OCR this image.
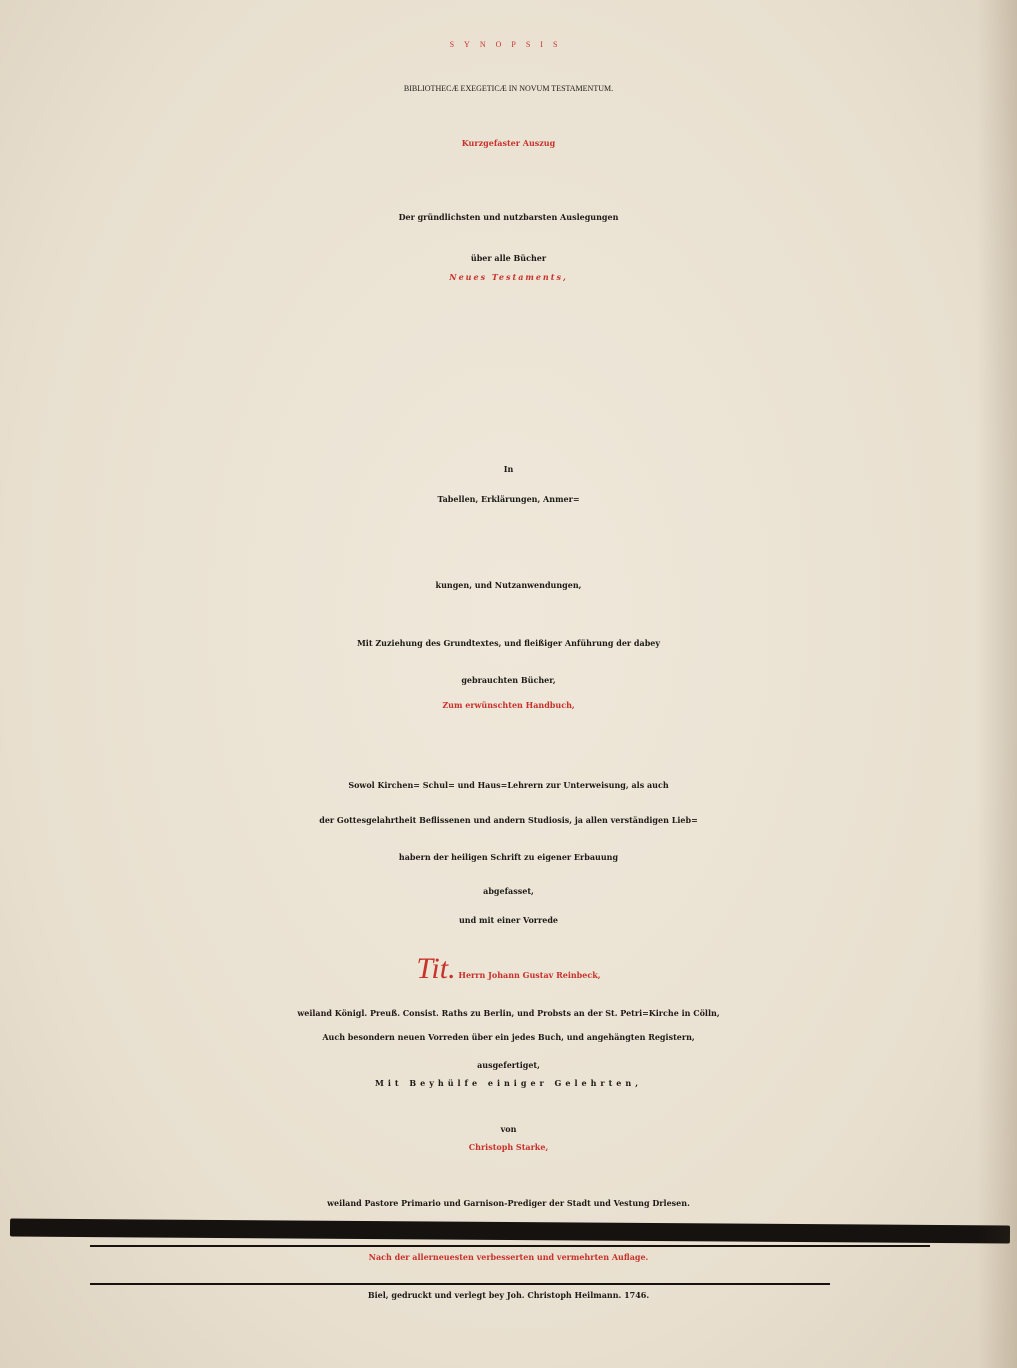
SYNOPSIS
BIBLIOTHECÆ EXEGETICÆ IN NOVUM TESTAMENTUM.
Kurzgefaster Auszug
Der gründlichsten und nutzbarsten Auslegungen
über alle Bücher
Neues Testaments,
In
Tabellen, Erklärungen, Anmer=
kungen, und Nutzanwendungen,
Mit Zuziehung des Grundtextes, und fleißiger Anführung der dabey
gebrauchten Bücher,
Zum erwünschten Handbuch,
Sowol Kirchen= Schul= und Haus=Lehrern zur Unterweisung, als auch
der Gottesgelahrtheit Beflissenen und andern Studiosis, ja allen verständigen Lieb=
habern der heiligen Schrift zu eigener Erbauung
abgefasset,
und mit einer Vorrede
Tit. Herrn Johann Gustav Reinbeck,
weiland Königl. Preuß. Consist. Raths zu Berlin, und Probsts an der St. Petri=Kirche in Cölln,
Auch besondern neuen Vorreden über ein jedes Buch, und angehängten Registern,
ausgefertiget,
Mit Beyhülfe einiger Gelehrten,
von
Christoph Starke,
weiland Pastore Primario und Garnison-Prediger der Stadt und Vestung Drlesen.
Nach der allerneuesten verbesserten und vermehrten Auflage.
Biel, gedruckt und verlegt bey Joh. Christoph Heilmann. 1746.
